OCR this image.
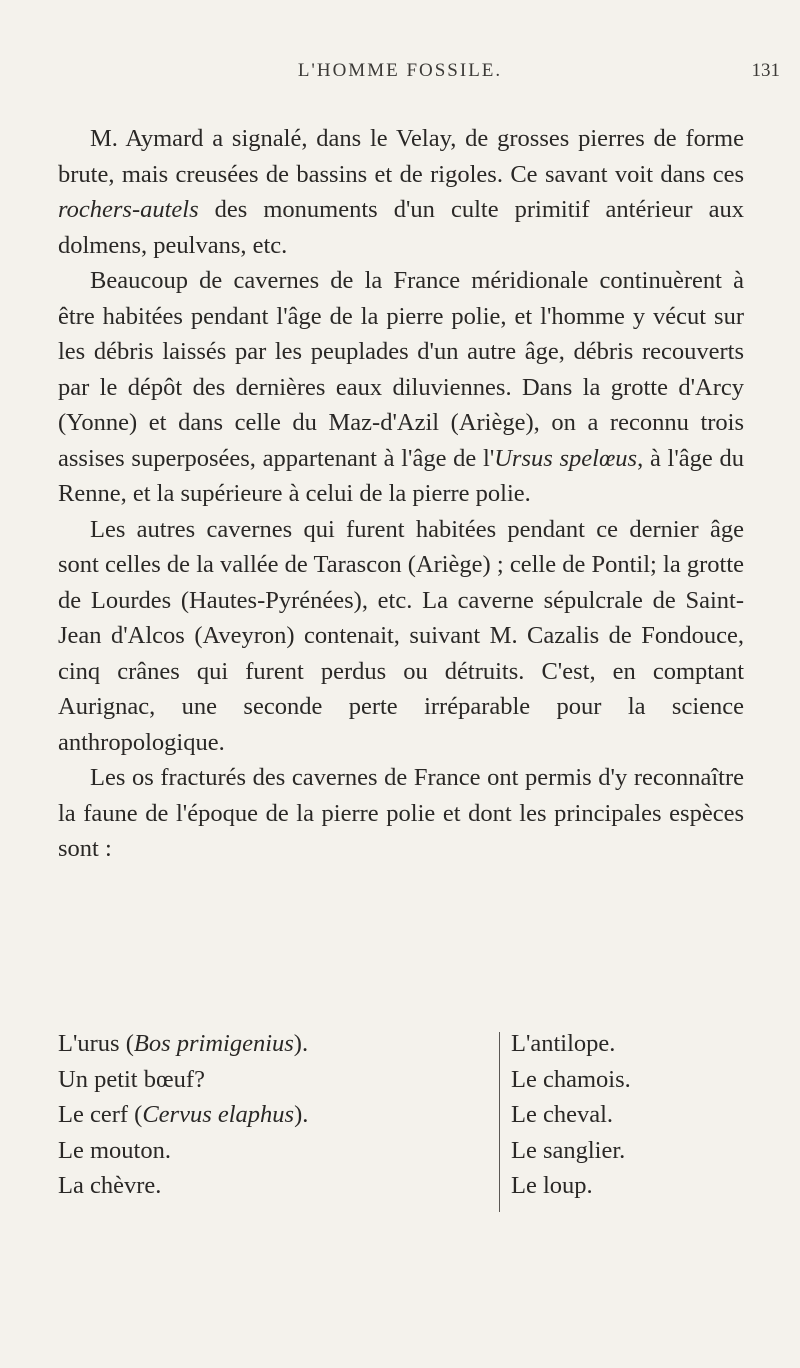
L'HOMME FOSSILE.	131

M. Aymard a signalé, dans le Velay, de grosses pierres de forme brute, mais creusées de bassins et de rigoles. Ce savant voit dans ces rochers-autels des monuments d'un culte primitif antérieur aux dolmens, peulvans, etc.

Beaucoup de cavernes de la France méridionale continuèrent à être habitées pendant l'âge de la pierre polie, et l'homme y vécut sur les débris laissés par les peuplades d'un autre âge, débris recouverts par le dépôt des dernières eaux diluviennes. Dans la grotte d'Arcy (Yonne) et dans celle du Maz-d'Azil (Ariège), on a reconnu trois assises superposées, appartenant à l'âge de l'Ursus spelœus, à l'âge du Renne, et la supérieure à celui de la pierre polie.

Les autres cavernes qui furent habitées pendant ce dernier âge sont celles de la vallée de Tarascon (Ariège) ; celle de Pontil; la grotte de Lourdes (Hautes-Pyrénées), etc. La caverne sépulcrale de Saint-Jean d'Alcos (Aveyron) contenait, suivant M. Cazalis de Fondouce, cinq crânes qui furent perdus ou détruits. C'est, en comptant Aurignac, une seconde perte irréparable pour la science anthropologique.

Les os fracturés des cavernes de France ont permis d'y reconnaître la faune de l'époque de la pierre polie et dont les principales espèces sont :

L'urus (Bos primigenius).
Un petit bœuf?
Le cerf (Cervus elaphus).
Le mouton.
La chèvre.
L'antilope.
Le chamois.
Le cheval.
Le sanglier.
Le loup.
